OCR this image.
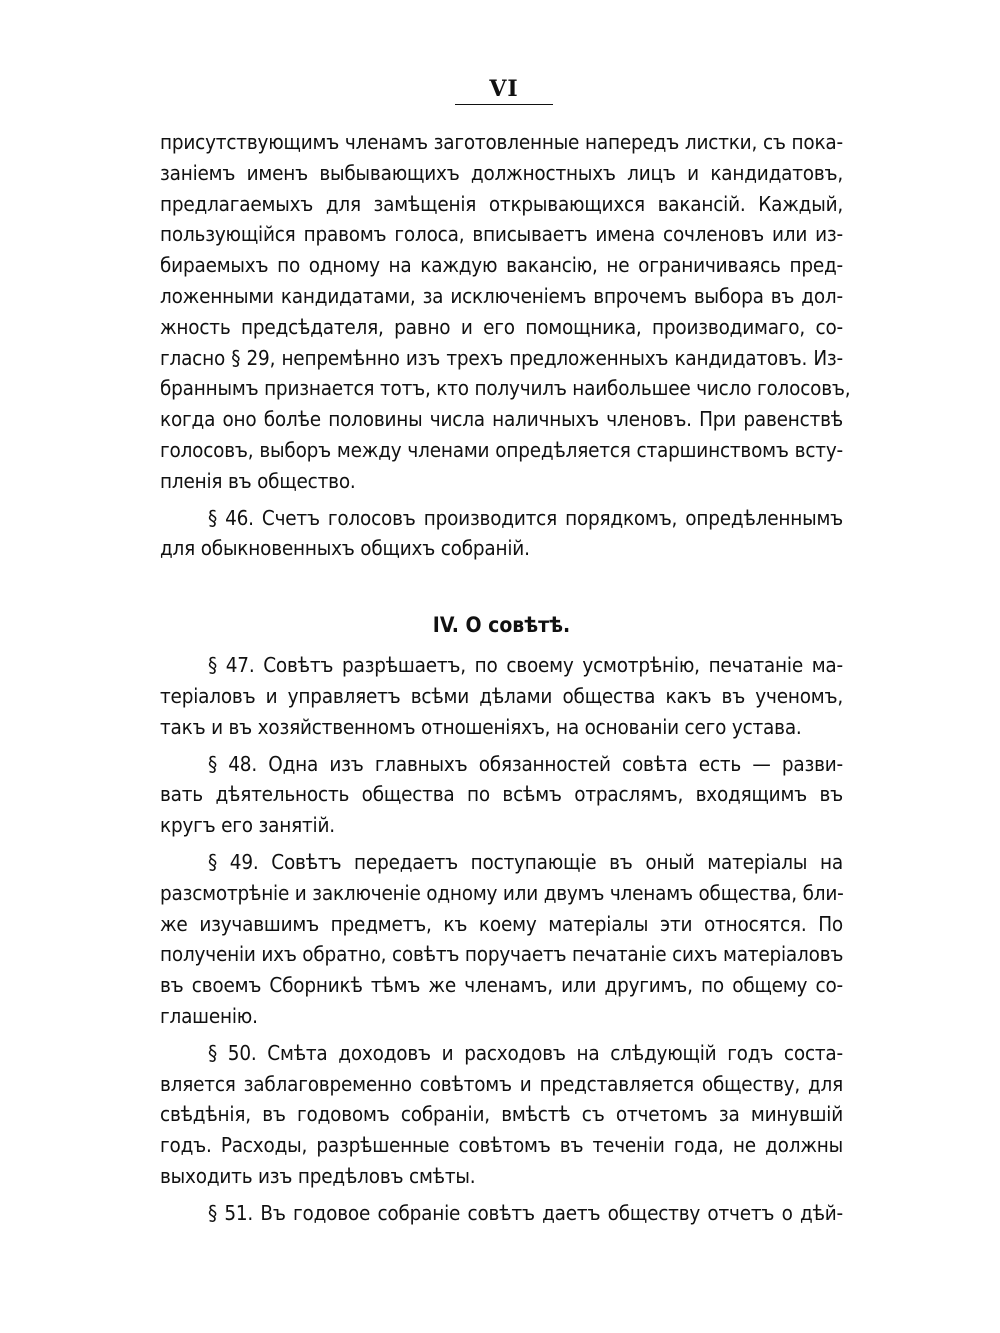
VI
присутствующимъ членамъ заготовленные напередъ листки, съ пока-
заніемъ именъ выбывающихъ должностныхъ лицъ и кандидатовъ,
предлагаемыхъ для замѣщенія открывающихся вакансій. Каждый,
пользующійся правомъ голоса, вписываетъ имена сочленовъ или из-
бираемыхъ по одному на каждую вакансію, не ограничиваясь пред-
ложенными кандидатами, за исключеніемъ впрочемъ выбора въ дол-
жность предсѣдателя, равно и его помощника, производимаго, со-
гласно § 29, непремѣнно изъ трехъ предложенныхъ кандидатовъ. Из-
браннымъ признается тотъ, кто получилъ наибольшее число голосовъ,
когда оно болѣе половины числа наличныхъ членовъ. При равенствѣ
голосовъ, выборъ между членами опредѣляется старшинствомъ всту-
пленія въ общество.
§ 46. Счетъ голосовъ производится порядкомъ, опредѣленнымъ
для обыкновенныхъ общихъ собраній.
IV. О совѣтѣ.
§ 47. Совѣтъ разрѣшаетъ, по своему усмотрѣнію, печатаніе ма-
теріаловъ и управляетъ всѣми дѣлами общества какъ въ ученомъ,
такъ и въ хозяйственномъ отношеніяхъ, на основаніи сего устава.
§ 48. Одна изъ главныхъ обязанностей совѣта есть — разви-
вать дѣятельность общества по всѣмъ отраслямъ, входящимъ въ
кругъ его занятій.
§ 49. Совѣтъ передаетъ поступающіе въ оный матеріалы на
разсмотрѣніе и заключеніе одному или двумъ членамъ общества, бли-
же изучавшимъ предметъ, къ коему матеріалы эти относятся. По
полученіи ихъ обратно, совѣтъ поручаетъ печатаніе сихъ матеріаловъ
въ своемъ Сборникѣ тѣмъ же членамъ, или другимъ, по общему со-
глашенію.
§ 50. Смѣта доходовъ и расходовъ на слѣдующій годъ соста-
вляется заблаговременно совѣтомъ и представляется обществу, для
свѣдѣнія, въ годовомъ собраніи, вмѣстѣ съ отчетомъ за минувшій
годъ. Расходы, разрѣшенные совѣтомъ въ теченіи года, не должны
выходить изъ предѣловъ смѣты.
§ 51. Въ годовое собраніе совѣтъ даетъ обществу отчетъ о дѣй-
